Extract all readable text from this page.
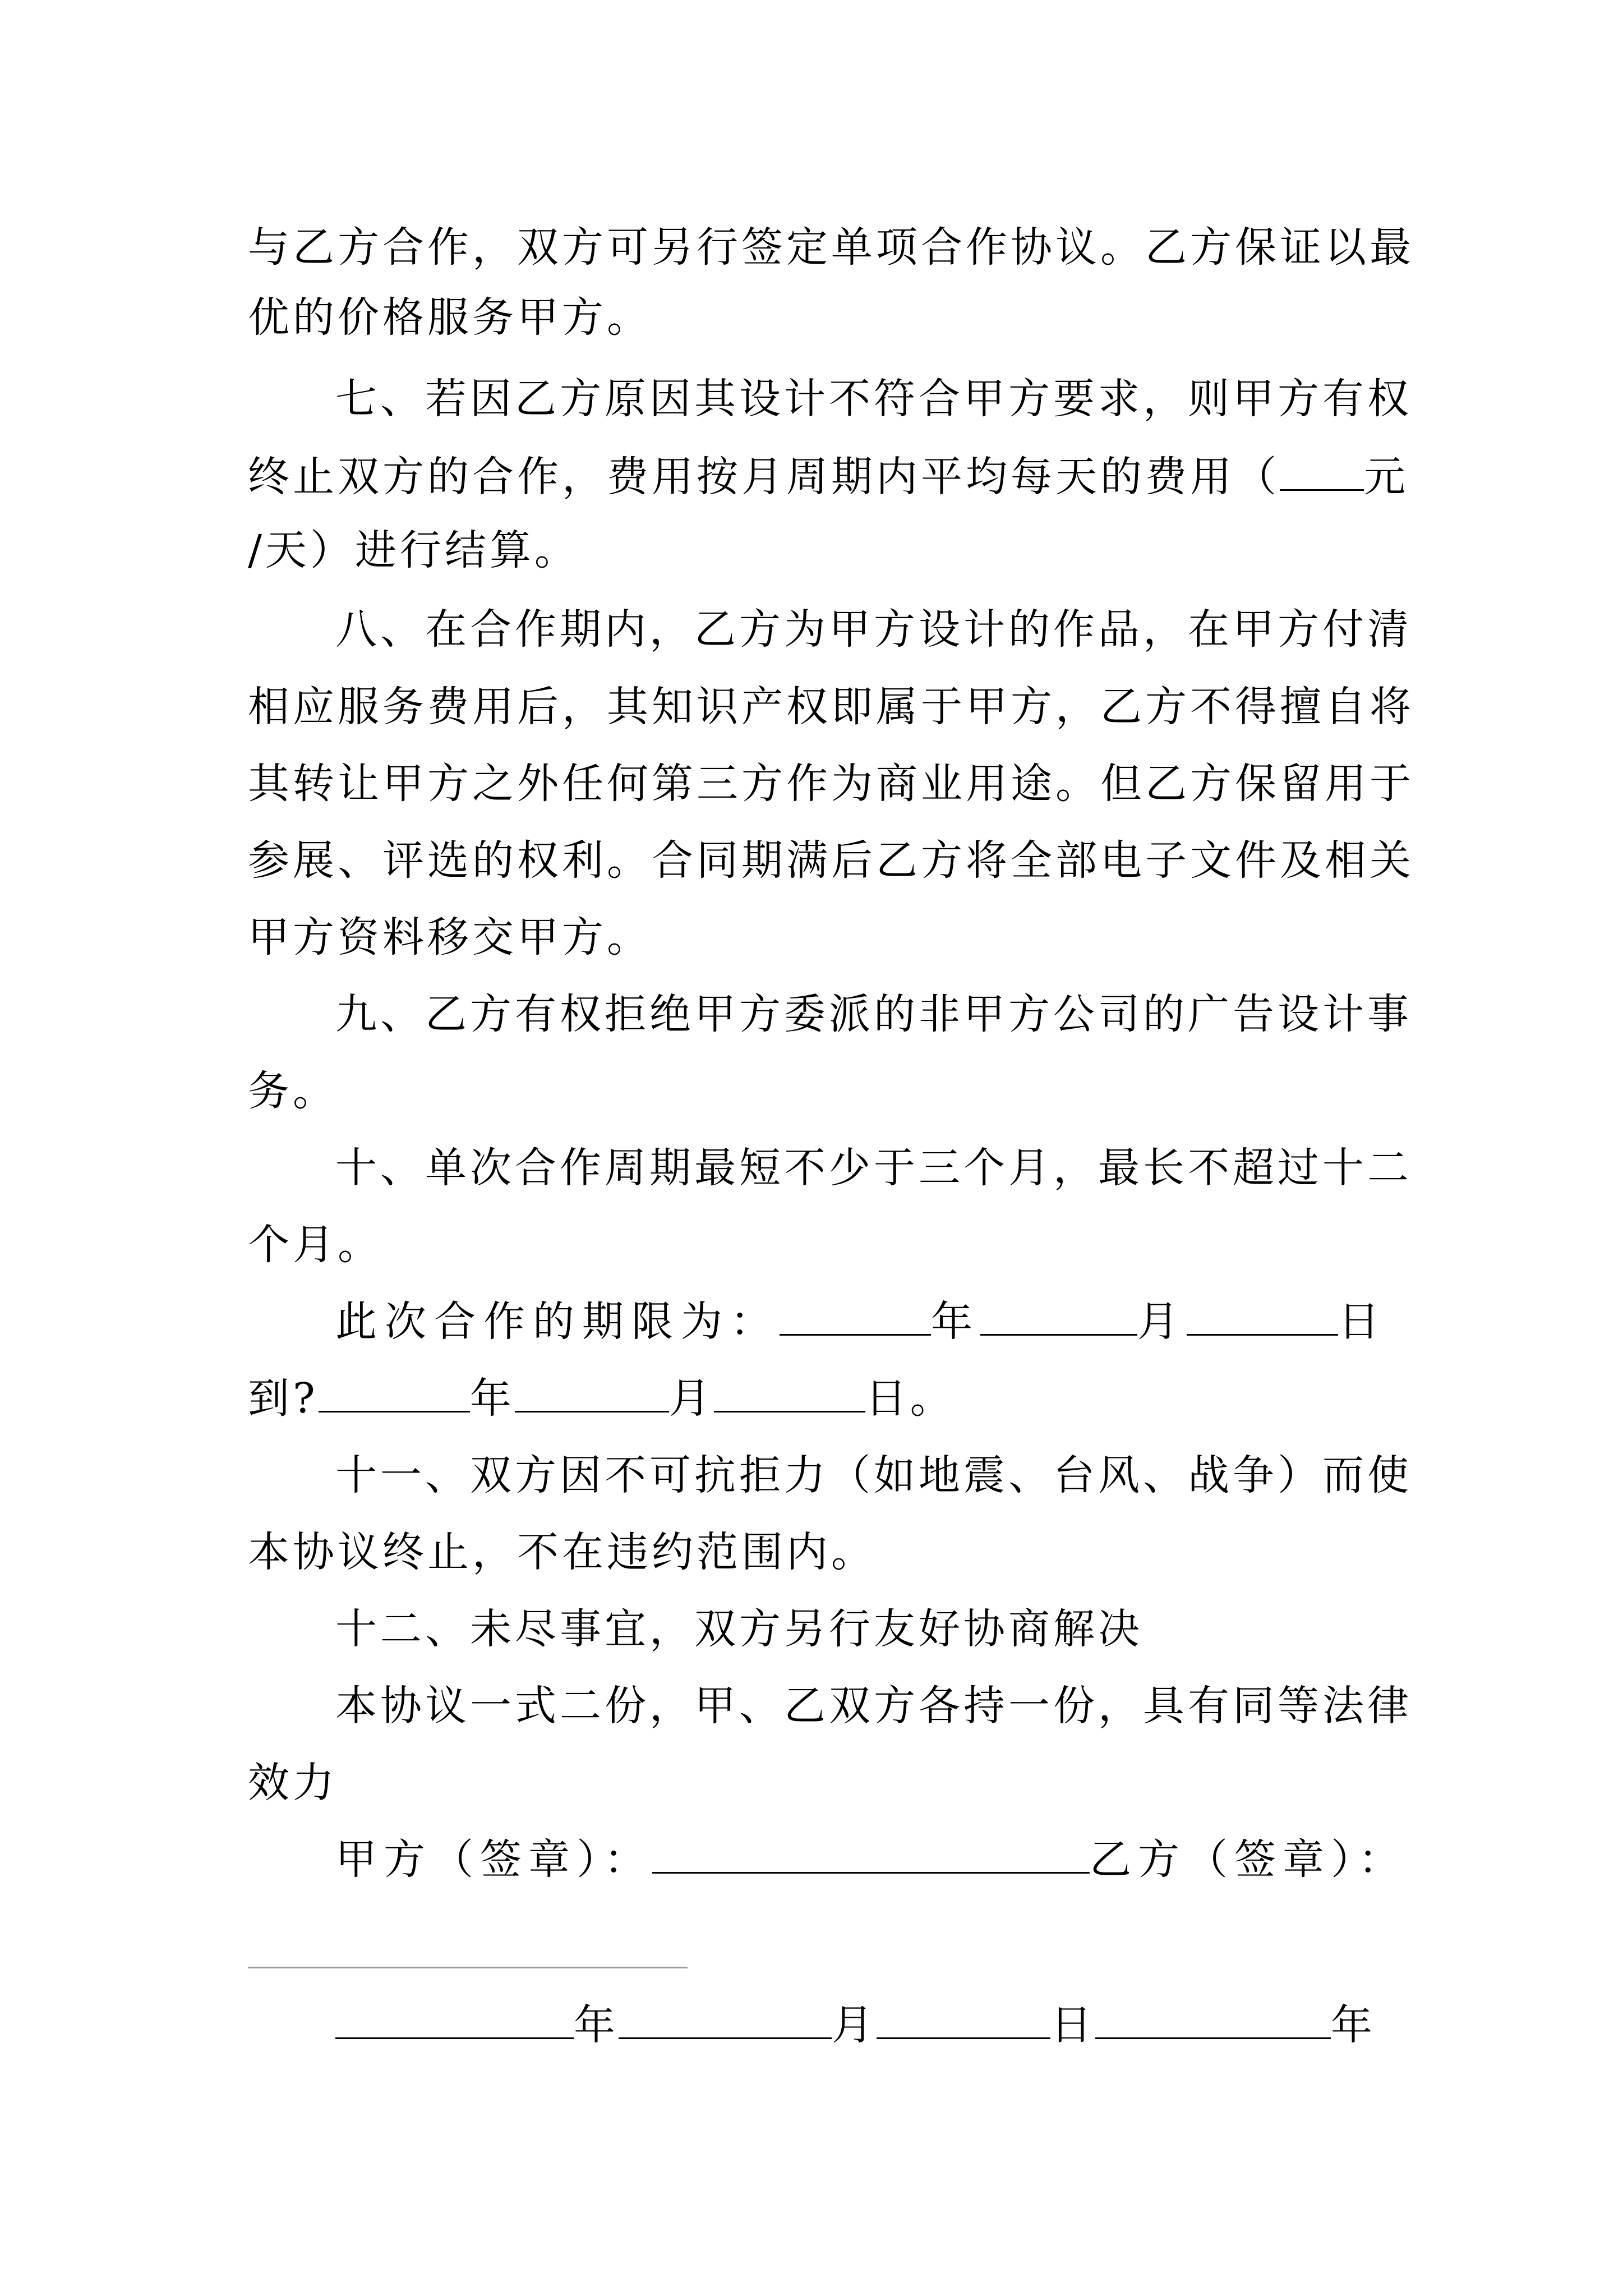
与乙方合作，双方可另行签定单项合作协议。乙方保证以最
优的价格服务甲方。
七、若因乙方原因其设计不符合甲方要求，则甲方有权
终止双方的合作，费用按月周期内平均每天的费用（ 元
/天）进行结算。
八、在合作期内，乙方为甲方设计的作品，在甲方付清
相应服务费用后，其知识产权即属于甲方，乙方不得擅自将
其转让甲方之外任何第三方作为商业用途。但乙方保留用于
参展、评选的权利。合同期满后乙方将全部电子文件及相关
甲方资料移交甲方。
九、乙方有权拒绝甲方委派的非甲方公司的广告设计事
务。
十、单次合作周期最短不少于三个月，最长不超过十二
个月。
此次合作的期限为：	年	月	日
到?	年	月	日。
十一、双方因不可抗拒力（如地震、台风、战争）而使
本协议终止，不在违约范围内。
十二、未尽事宜，双方另行友好协商解决
本协议一式二份，甲、乙双方各持一份，具有同等法律
效力
甲方（签章）：	乙方（签章）：
年	月	日	年
